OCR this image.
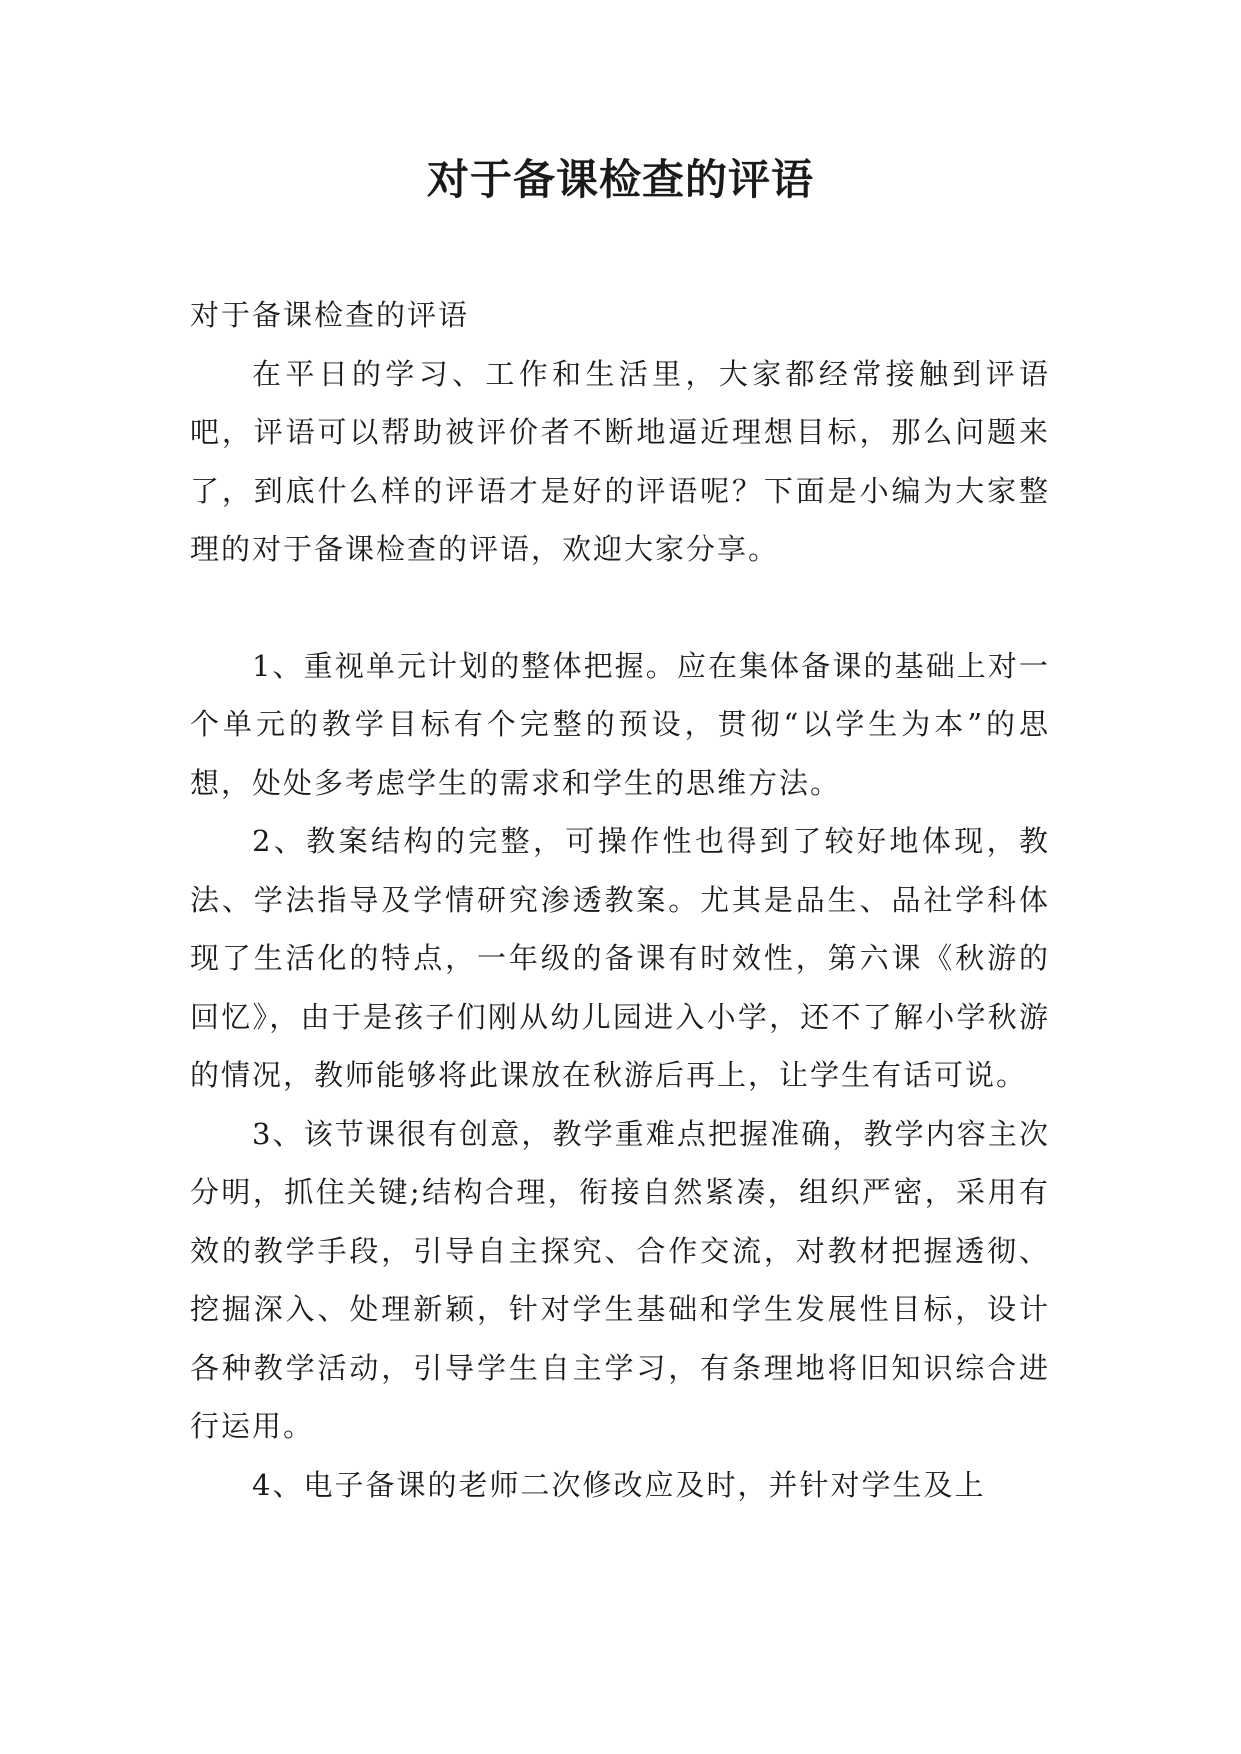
对于备课检查的评语

对于备课检查的评语

在平日的学习、工作和生活里，大家都经常接触到评语吧，评语可以帮助被评价者不断地逼近理想目标，那么问题来了，到底什么样的评语才是好的评语呢？下面是小编为大家整理的对于备课检查的评语，欢迎大家分享。

1、重视单元计划的整体把握。应在集体备课的基础上对一个单元的教学目标有个完整的预设，贯彻“以学生为本”的思想，处处多考虑学生的需求和学生的思维方法。

2、教案结构的完整，可操作性也得到了较好地体现，教法、学法指导及学情研究渗透教案。尤其是品生、品社学科体现了生活化的特点，一年级的备课有时效性，第六课《秋游的回忆》，由于是孩子们刚从幼儿园进入小学，还不了解小学秋游的情况，教师能够将此课放在秋游后再上，让学生有话可说。

3、该节课很有创意，教学重难点把握准确，教学内容主次分明，抓住关键;结构合理，衔接自然紧凑，组织严密，采用有效的教学手段，引导自主探究、合作交流，对教材把握透彻、挖掘深入、处理新颖，针对学生基础和学生发展性目标，设计各种教学活动，引导学生自主学习，有条理地将旧知识综合进行运用。

4、电子备课的老师二次修改应及时，并针对学生及上
